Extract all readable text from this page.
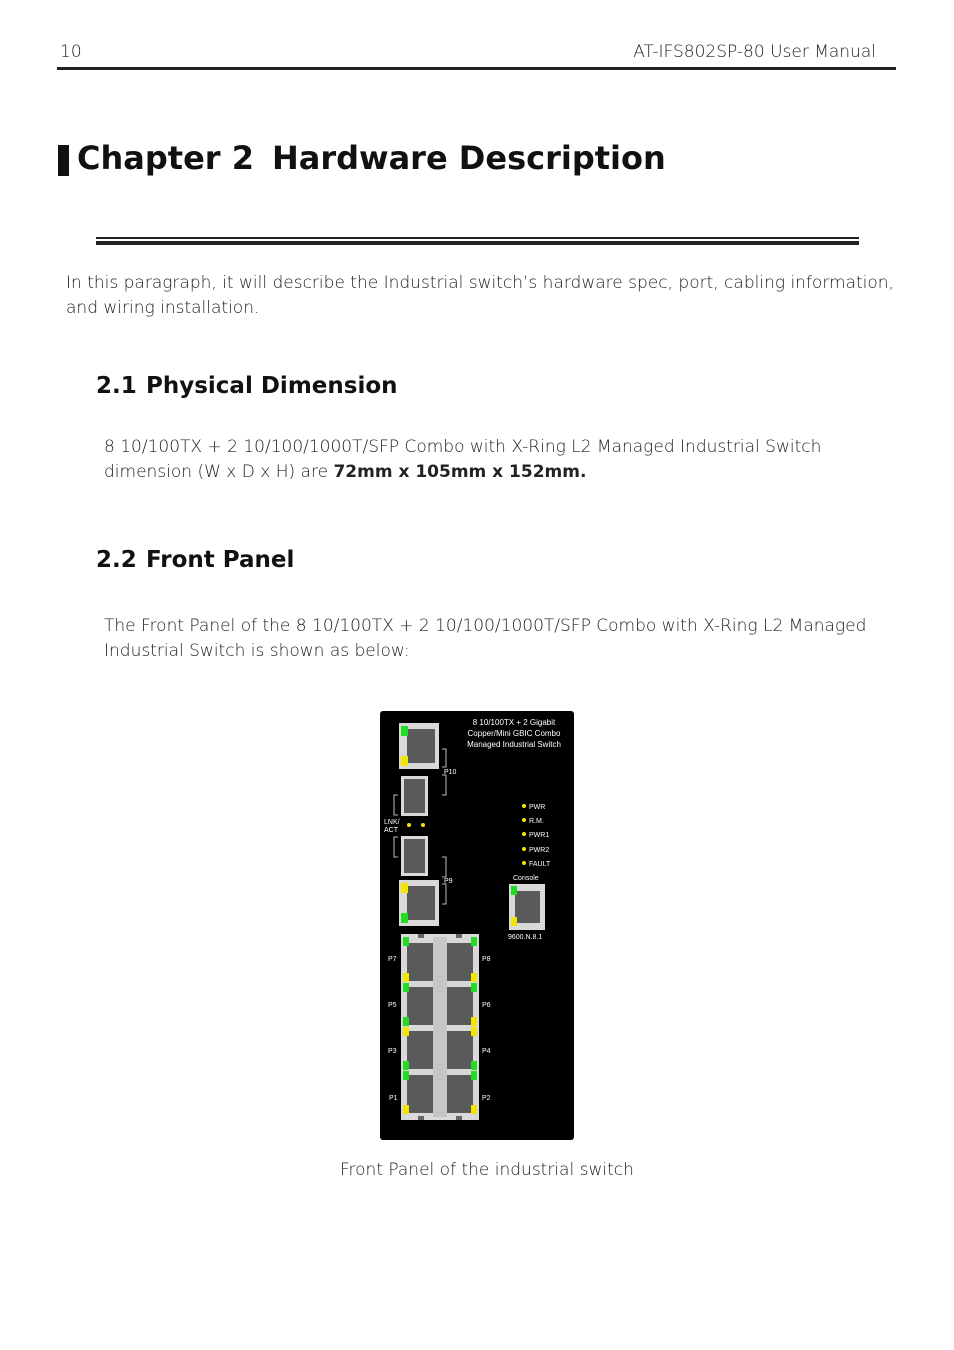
10	AT-IFS802SP-80 User Manual
Chapter 2 Hardware Description
In this paragraph, it will describe the Industrial switch’s hardware spec, port, cabling information, and wiring installation.
2.1 Physical Dimension
8 10/100TX + 2 10/100/1000T/SFP Combo with X-Ring L2 Managed Industrial Switch dimension (W x D x H) are 72mm x 105mm x 152mm.
2.2 Front Panel
The Front Panel of the 8 10/100TX + 2 10/100/1000T/SFP Combo with X-Ring L2 Managed Industrial Switch is shown as below:
8 10/100TX + 2 Gigabit
Copper/Mini GBIC Combo
Managed Industrial Switch
P10
LNK/
ACT
P9
PWR
R.M.
PWR1
PWR2
FAULT
Console
9600.N.8.1
P7	P8
P5	P6
P3	P4
P1	P2
Front Panel of the industrial switch
